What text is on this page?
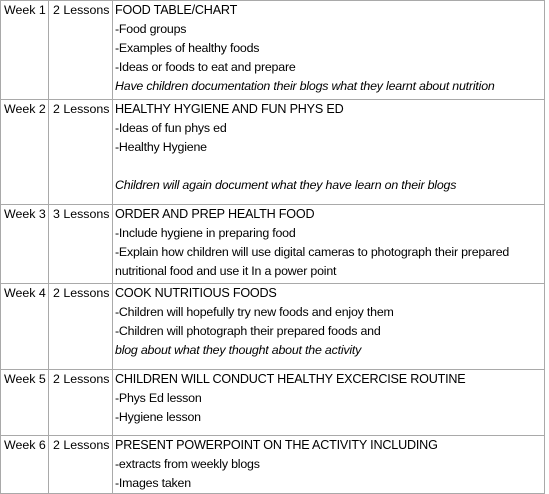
Week 1	2 Lessons	FOOD TABLE/CHART
-Food groups
-Examples of healthy foods
-Ideas or foods to eat and prepare
Have children documentation their blogs what they learnt about nutrition

Week 2	2 Lessons	HEALTHY HYGIENE AND FUN PHYS ED
-Ideas of fun phys ed
-Healthy Hygiene
Children will again document what they have learn on their blogs

Week 3	3 Lessons	ORDER AND PREP HEALTH FOOD
-Include hygiene in preparing food
-Explain how children will use digital cameras to photograph their prepared
nutritional food and use it In a power point

Week 4	2 Lessons	COOK NUTRITIOUS FOODS
-Children will hopefully try new foods and enjoy them
-Children will photograph their prepared foods and
blog about what they thought about the activity

Week 5	2 Lessons	CHILDREN WILL CONDUCT HEALTHY EXCERCISE ROUTINE
-Phys Ed lesson
-Hygiene lesson

Week 6	2 Lessons	PRESENT POWERPOINT ON THE ACTIVITY INCLUDING
-extracts from weekly blogs
-Images taken
